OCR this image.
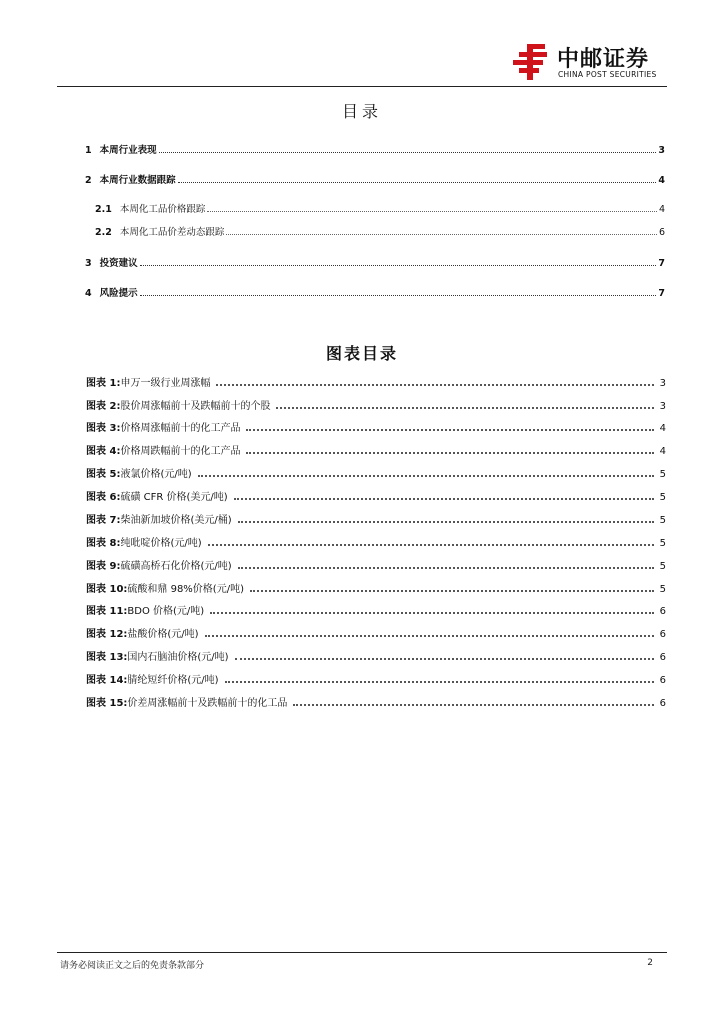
中邮证券
CHINA POST SECURITIES
目录
1 本周行业表现	3
2 本周行业数据跟踪	4
2.1 本周化工品价格跟踪	4
2.2 本周化工品价差动态跟踪	6
3 投资建议	7
4 风险提示	7
图表目录
图表 1: 申万一级行业周涨幅	3
图表 2: 股价周涨幅前十及跌幅前十的个股	3
图表 3: 价格周涨幅前十的化工产品	4
图表 4: 价格周跌幅前十的化工产品	4
图表 5: 液氯价格(元/吨)	5
图表 6: 硫磺 CFR 价格(美元/吨)	5
图表 7: 柴油新加坡价格(美元/桶)	5
图表 8: 纯吡啶价格(元/吨)	5
图表 9: 硫磺高桥石化价格(元/吨)	5
图表 10: 硫酸和鼎 98%价格(元/吨)	5
图表 11: BDO 价格(元/吨)	6
图表 12: 盐酸价格(元/吨)	6
图表 13: 国内石脑油价格(元/吨)	6
图表 14: 腈纶短纤价格(元/吨)	6
图表 15: 价差周涨幅前十及跌幅前十的化工品	6
请务必阅读正文之后的免责条款部分	2
